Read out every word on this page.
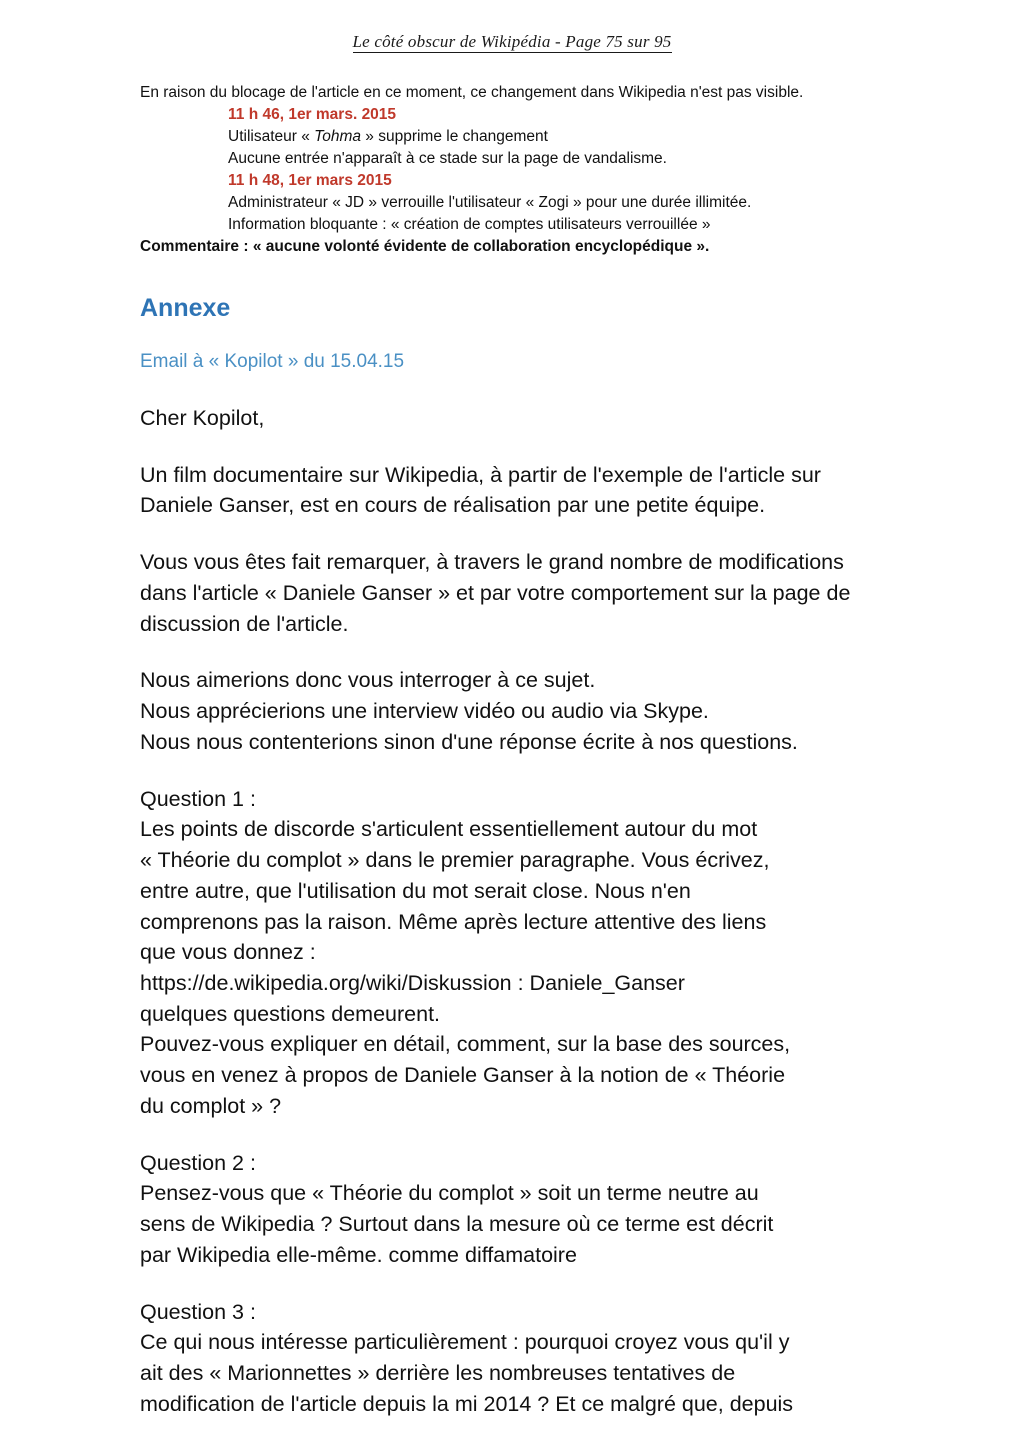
Le côté obscur de Wikipédia - Page 75 sur 95

En raison du blocage de l'article en ce moment, ce changement dans Wikipedia n'est pas visible.

11 h 46, 1er mars. 2015

Utilisateur « Tohma » supprime le changement

Aucune entrée n'apparaît à ce stade sur la page de vandalisme.

11 h 48, 1er mars 2015

Administrateur « JD » verrouille l'utilisateur « Zogi » pour une durée illimitée.

Information bloquante : « création de comptes utilisateurs verrouillée »

Commentaire : « aucune volonté évidente de collaboration encyclopédique ».

Annexe
Email à « Kopilot » du 15.04.15

Cher Kopilot,

Un film documentaire sur Wikipedia, à partir de l'exemple de l'article sur Daniele Ganser, est en cours de réalisation par une petite équipe.

Vous vous êtes fait remarquer, à travers le grand nombre de modifications dans l'article « Daniele Ganser » et par votre comportement sur la page de discussion de l'article.

Nous aimerions donc vous interroger à ce sujet.
Nous apprécierions une interview vidéo ou audio via Skype.
Nous nous contenterions sinon d'une réponse écrite à nos questions.

Question 1 :
Les points de discorde s'articulent essentiellement autour du mot
« Théorie du complot » dans le premier paragraphe. Vous écrivez,
entre autre, que l'utilisation du mot serait close. Nous n'en
comprenons pas la raison. Même après lecture attentive des liens
que vous donnez :
https://de.wikipedia.org/wiki/Diskussion : Daniele_Ganser
quelques questions demeurent.
Pouvez-vous expliquer en détail, comment, sur la base des sources,
vous en venez à propos de Daniele Ganser à la notion de « Théorie
du complot » ?

Question 2 :
Pensez-vous que « Théorie du complot » soit un terme neutre au
sens de Wikipedia ? Surtout dans la mesure où ce terme est décrit
par Wikipedia elle-même. comme diffamatoire

Question 3 :
Ce qui nous intéresse particulièrement : pourquoi croyez vous qu'il y
ait des « Marionnettes » derrière les nombreuses tentatives de
modification de l'article depuis la mi 2014 ? Et ce malgré que, depuis
